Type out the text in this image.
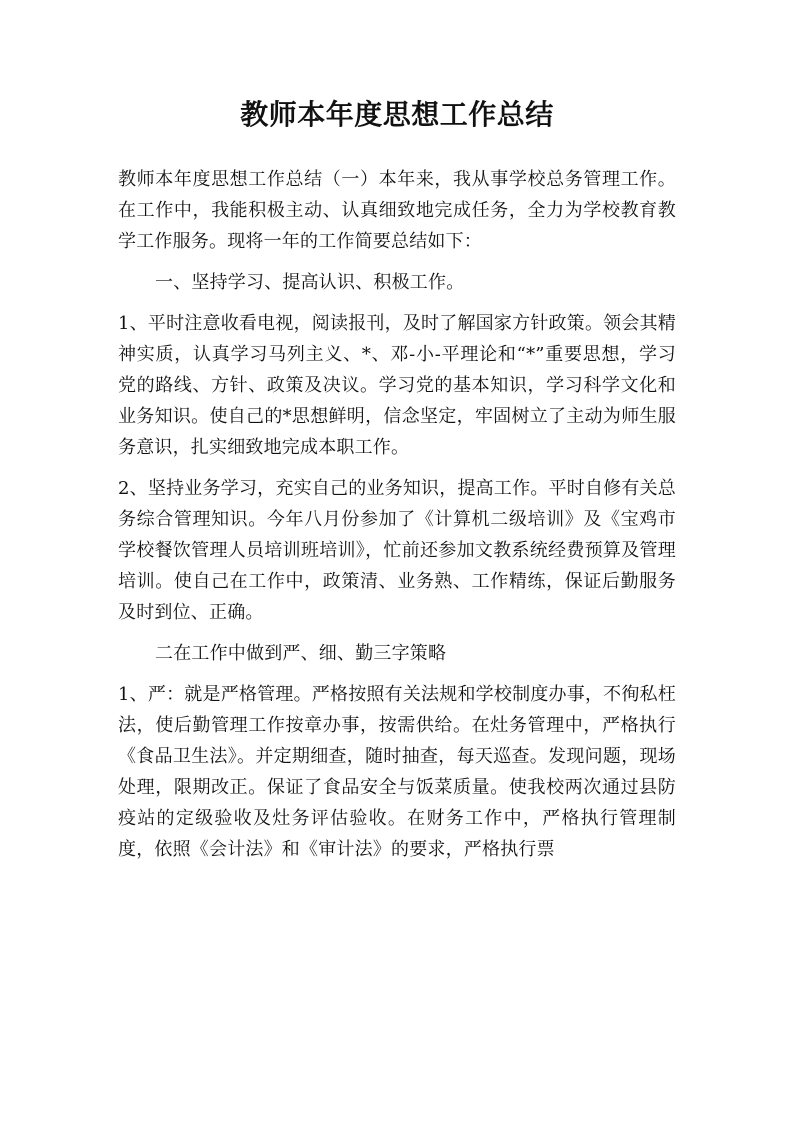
教师本年度思想工作总结

教师本年度思想工作总结（一）本年来，我从事学校总务管理工作。在工作中，我能积极主动、认真细致地完成任务，全力为学校教育教学工作服务。现将一年的工作简要总结如下：

一、坚持学习、提高认识、积极工作。

1、平时注意收看电视，阅读报刊，及时了解国家方针政策。领会其精神实质，认真学习马列主义、*、邓-小-平理论和“*”重要思想，学习党的路线、方针、政策及决议。学习党的基本知识，学习科学文化和业务知识。使自己的*思想鲜明，信念坚定，牢固树立了主动为师生服务意识，扎实细致地完成本职工作。

2、坚持业务学习，充实自己的业务知识，提高工作。平时自修有关总务综合管理知识。今年八月份参加了《计算机二级培训》及《宝鸡市学校餐饮管理人员培训班培训》，忙前还参加文教系统经费预算及管理培训。使自己在工作中，政策清、业务熟、工作精练，保证后勤服务及时到位、正确。

二在工作中做到严、细、勤三字策略

1、严：就是严格管理。严格按照有关法规和学校制度办事，不徇私枉法，使后勤管理工作按章办事，按需供给。在灶务管理中，严格执行《食品卫生法》。并定期细查，随时抽查，每天巡查。发现问题，现场处理，限期改正。保证了食品安全与饭菜质量。使我校两次通过县防疫站的定级验收及灶务评估验收。在财务工作中，严格执行管理制度，依照《会计法》和《审计法》的要求，严格执行票
